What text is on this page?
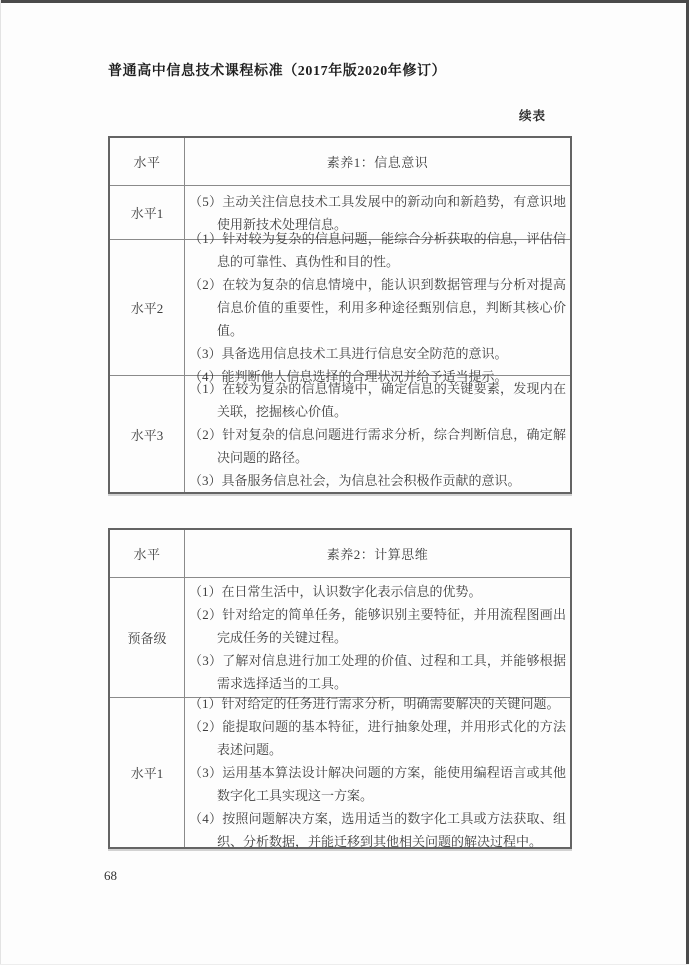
普通高中信息技术课程标准（2017年版2020年修订）
续表
水平	素养1：信息意识
水平1

（5）主动关注信息技术工具发展中的新动向和新趋势，有意识地使用新技术处理信息。

水平2

（1）针对较为复杂的信息问题，能综合分析获取的信息，评估信息的可靠性、真伪性和目的性。

（2）在较为复杂的信息情境中，能认识到数据管理与分析对提高信息价值的重要性，利用多种途径甄别信息，判断其核心价值。

（3）具备选用信息技术工具进行信息安全防范的意识。

（4）能判断他人信息选择的合理状况并给予适当提示。

水平3

（1）在较为复杂的信息情境中，确定信息的关键要素，发现内在关联，挖掘核心价值。

（2）针对复杂的信息问题进行需求分析，综合判断信息，确定解决问题的路径。

（3）具备服务信息社会，为信息社会积极作贡献的意识。

水平	素养2：计算思维
预备级

（1）在日常生活中，认识数字化表示信息的优势。

（2）针对给定的简单任务，能够识别主要特征，并用流程图画出完成任务的关键过程。

（3）了解对信息进行加工处理的价值、过程和工具，并能够根据需求选择适当的工具。

水平1

（1）针对给定的任务进行需求分析，明确需要解决的关键问题。

（2）能提取问题的基本特征，进行抽象处理，并用形式化的方法表述问题。

（3）运用基本算法设计解决问题的方案，能使用编程语言或其他数字化工具实现这一方案。

（4）按照问题解决方案，选用适当的数字化工具或方法获取、组织、分析数据，并能迁移到其他相关问题的解决过程中。

68
